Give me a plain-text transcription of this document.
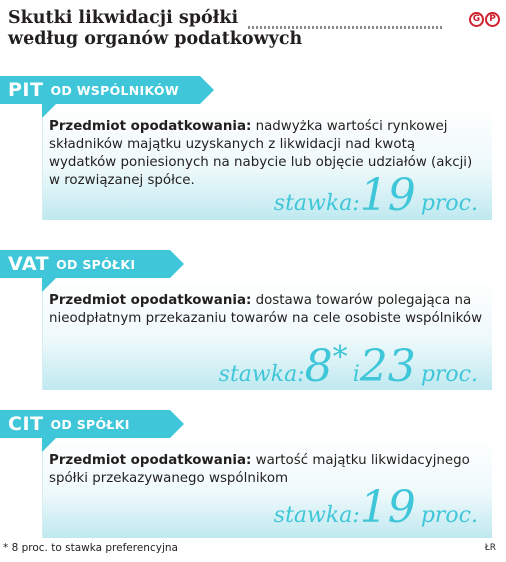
Skutki likwidacji spółki
według organów podatkowych

G	P
PIT OD WSPÓLNIKÓW
Przedmiot opodatkowania: nadwyżka wartości rynkowej składników majątku uzyskanych z likwidacji nad kwotą wydatków poniesionych na nabycie lub objęcie udziałów (akcji) w rozwiązanej spółce.
stawka:19 proc.
VAT OD SPÓŁKI
Przedmiot opodatkowania: dostawa towarów polegająca na nieodpłatnym przekazaniu towarów na cele osobiste wspólników
stawka:8* i23 proc.
CIT OD SPÓŁKI
Przedmiot opodatkowania: wartość majątku likwidacyjnego spółki przekazywanego wspólnikom
stawka:19 proc.
* 8 proc. to stawka preferencyjna	ŁR
